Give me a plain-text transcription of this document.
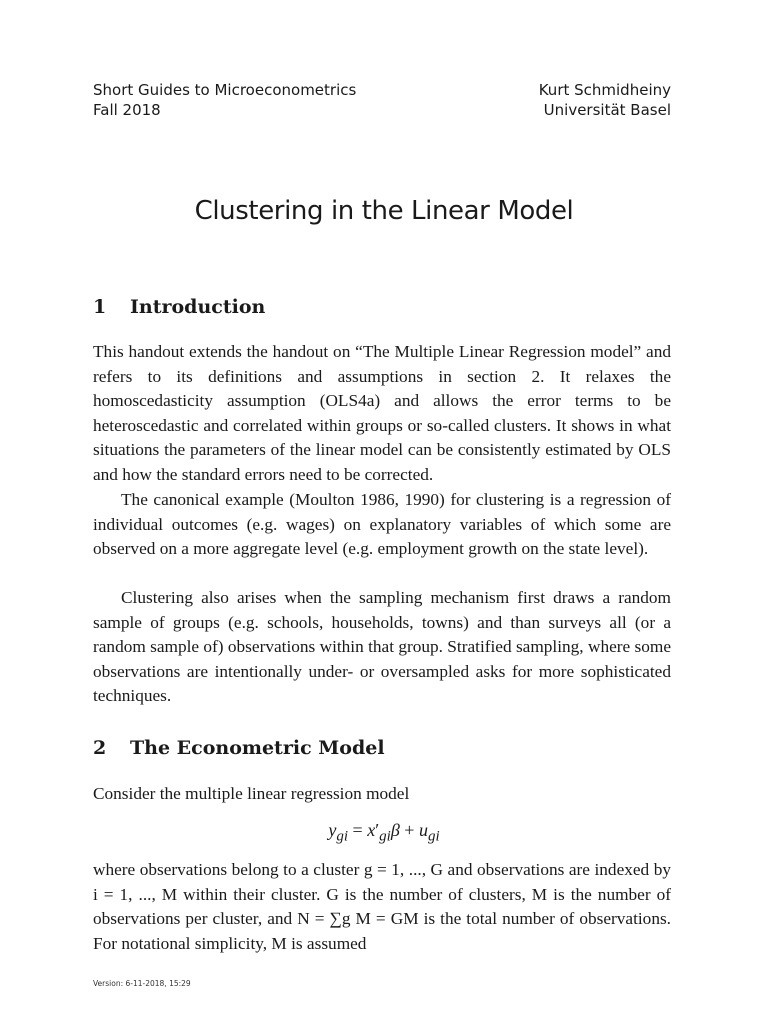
Short Guides to Microeconometrics
Fall 2018
Kurt Schmidheiny
Universität Basel
Clustering in the Linear Model
1 Introduction

This handout extends the handout on “The Multiple Linear Regression model” and refers to its definitions and assumptions in section 2. It relaxes the homoscedasticity assumption (OLS4a) and allows the error terms to be heteroscedastic and correlated within groups or so-called clusters. It shows in what situations the parameters of the linear model can be consistently estimated by OLS and how the standard errors need to be corrected.

The canonical example (Moulton 1986, 1990) for clustering is a regression of individual outcomes (e.g. wages) on explanatory variables of which some are observed on a more aggregate level (e.g. employment growth on the state level).

Clustering also arises when the sampling mechanism first draws a random sample of groups (e.g. schools, households, towns) and than surveys all (or a random sample of) observations within that group. Stratified sampling, where some observations are intentionally under- or oversampled asks for more sophisticated techniques.

2 The Econometric Model

Consider the multiple linear regression model

$y_{gi} = x'_{gi}\beta + u_{gi}$

where observations belong to a cluster g = 1, ..., G and observations are indexed by i = 1, ..., M within their cluster. G is the number of clusters, M is the number of observations per cluster, and N = ∑g M = GM is the total number of observations. For notational simplicity, M is assumed

Version: 6-11-2018, 15:29
